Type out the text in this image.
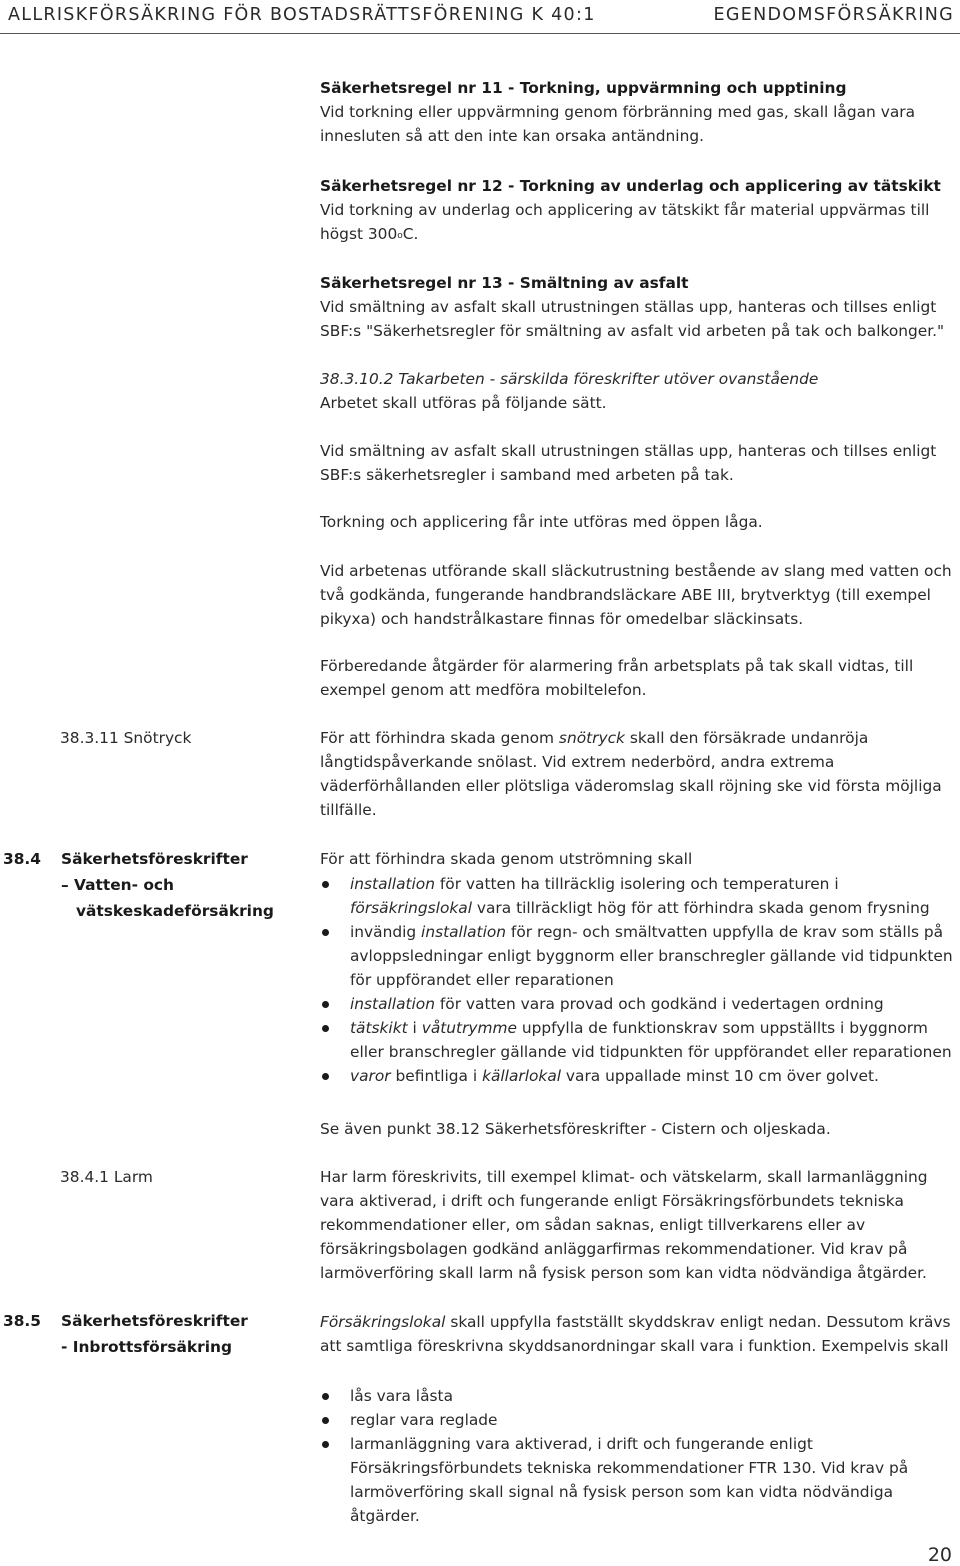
ALLRISKFÖRSÄKRING FÖR BOSTADSRÄTTSFÖRENING K 40:1	EGENDOMSFÖRSÄKRING

Säkerhetsregel nr 11 - Torkning, uppvärmning och upptining
Vid torkning eller uppvärmning genom förbränning med gas, skall lågan vara innesluten så att den inte kan orsaka antändning.

Säkerhetsregel nr 12 - Torkning av underlag och applicering av tätskikt
Vid torkning av underlag och applicering av tätskikt får material uppvärmas till högst 300$^o$C.

Säkerhetsregel nr 13 - Smältning av asfalt
Vid smältning av asfalt skall utrustningen ställas upp, hanteras och tillses enligt SBF:s "Säkerhetsregler för smältning av asfalt vid arbeten på tak och balkonger."

38.3.10.2 Takarbeten - särskilda föreskrifter utöver ovanstående
Arbetet skall utföras på följande sätt.

Vid smältning av asfalt skall utrustningen ställas upp, hanteras och tillses enligt SBF:s säkerhetsregler i samband med arbeten på tak.

Torkning och applicering får inte utföras med öppen låga.

Vid arbetenas utförande skall släckutrustning bestående av slang med vatten och två godkända, fungerande handbrandsläckare ABE III, brytverktyg (till exempel pikyxa) och handstrålkastare finnas för omedelbar släckinsats.

Förberedande åtgärder för alarmering från arbetsplats på tak skall vidtas, till exempel genom att medföra mobiltelefon.

38.3.11 Snötryck	För att förhindra skada genom snötryck skall den försäkrade undanröja långtidspåverkande snölast. Vid extrem nederbörd, andra extrema väderförhållanden eller plötsliga väderomslag skall röjning ske vid första möjliga tillfälle.

38.4 Säkerhetsföreskrifter
– Vatten- och
vätskeskadeförsäkring

För att förhindra skada genom utströmning skall

installation för vatten ha tillräcklig isolering och temperaturen i försäkringslokal vara tillräckligt hög för att förhindra skada genom frysning
invändig installation för regn- och smältvatten uppfylla de krav som ställs på avloppsledningar enligt byggnorm eller branschregler gällande vid tidpunkten för uppförandet eller reparationen
installation för vatten vara provad och godkänd i vedertagen ordning
tätskikt i våtutrymme uppfylla de funktionskrav som uppställts i byggnorm eller branschregler gällande vid tidpunkten för uppförandet eller reparationen
varor befintliga i källarlokal vara uppallade minst 10 cm över golvet.

Se även punkt 38.12 Säkerhetsföreskrifter - Cistern och oljeskada.

38.4.1 Larm	Har larm föreskrivits, till exempel klimat- och vätskelarm, skall larmanläggning vara aktiverad, i drift och fungerande enligt Försäkringsförbundets tekniska rekommendationer eller, om sådan saknas, enligt tillverkarens eller av försäkringsbolagen godkänd anläggarfirmas rekommendationer. Vid krav på larmöverföring skall larm nå fysisk person som kan vidta nödvändiga åtgärder.

38.5 Säkerhetsföreskrifter
- Inbrottsförsäkring

Försäkringslokal skall uppfylla fastställt skyddskrav enligt nedan. Dessutom krävs att samtliga föreskrivna skyddsanordningar skall vara i funktion. Exempelvis skall

lås vara låsta
reglar vara reglade
larmanläggning vara aktiverad, i drift och fungerande enligt Försäkringsförbundets tekniska rekommendationer FTR 130. Vid krav på larmöverföring skall signal nå fysisk person som kan vidta nödvändiga åtgärder.
20
